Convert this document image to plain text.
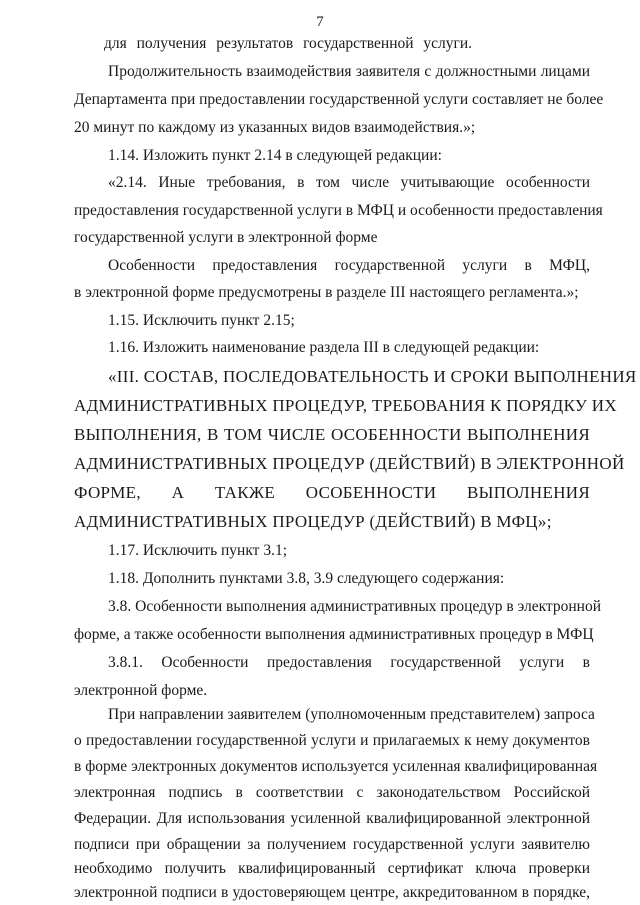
7
для получения результатов государственной услуги.
Продолжительность взаимодействия заявителя с должностными лицами
Департамента при предоставлении государственной услуги составляет не более
20 минут по каждому из указанных видов взаимодействия.»;
1.14. Изложить пункт 2.14 в следующей редакции:
«2.14. Иные требования, в том числе учитывающие особенности
предоставления государственной услуги в МФЦ и особенности предоставления
государственной услуги в электронной форме
Особенности предоставления государственной услуги в МФЦ,
в электронной форме предусмотрены в разделе III настоящего регламента.»;
1.15. Исключить пункт 2.15;
1.16. Изложить наименование раздела III в следующей редакции:
«III. СОСТАВ, ПОСЛЕДОВАТЕЛЬНОСТЬ И СРОКИ ВЫПОЛНЕНИЯ
АДМИНИСТРАТИВНЫХ ПРОЦЕДУР, ТРЕБОВАНИЯ К ПОРЯДКУ ИХ
ВЫПОЛНЕНИЯ, В ТОМ ЧИСЛЕ ОСОБЕННОСТИ ВЫПОЛНЕНИЯ
АДМИНИСТРАТИВНЫХ ПРОЦЕДУР (ДЕЙСТВИЙ) В ЭЛЕКТРОННОЙ
ФОРМЕ, А ТАКЖЕ ОСОБЕННОСТИ ВЫПОЛНЕНИЯ
АДМИНИСТРАТИВНЫХ ПРОЦЕДУР (ДЕЙСТВИЙ) В МФЦ»;
1.17. Исключить пункт 3.1;
1.18. Дополнить пунктами 3.8, 3.9 следующего содержания:
3.8. Особенности выполнения административных процедур в электронной
форме, а также особенности выполнения административных процедур в МФЦ
3.8.1. Особенности предоставления государственной услуги в
электронной форме.
При направлении заявителем (уполномоченным представителем) запроса
о предоставлении государственной услуги и прилагаемых к нему документов
в форме электронных документов используется усиленная квалифицированная
электронная подпись в соответствии с законодательством Российской
Федерации. Для использования усиленной квалифицированной электронной
подписи при обращении за получением государственной услуги заявителю
необходимо получить квалифицированный сертификат ключа проверки
электронной подписи в удостоверяющем центре, аккредитованном в порядке,
